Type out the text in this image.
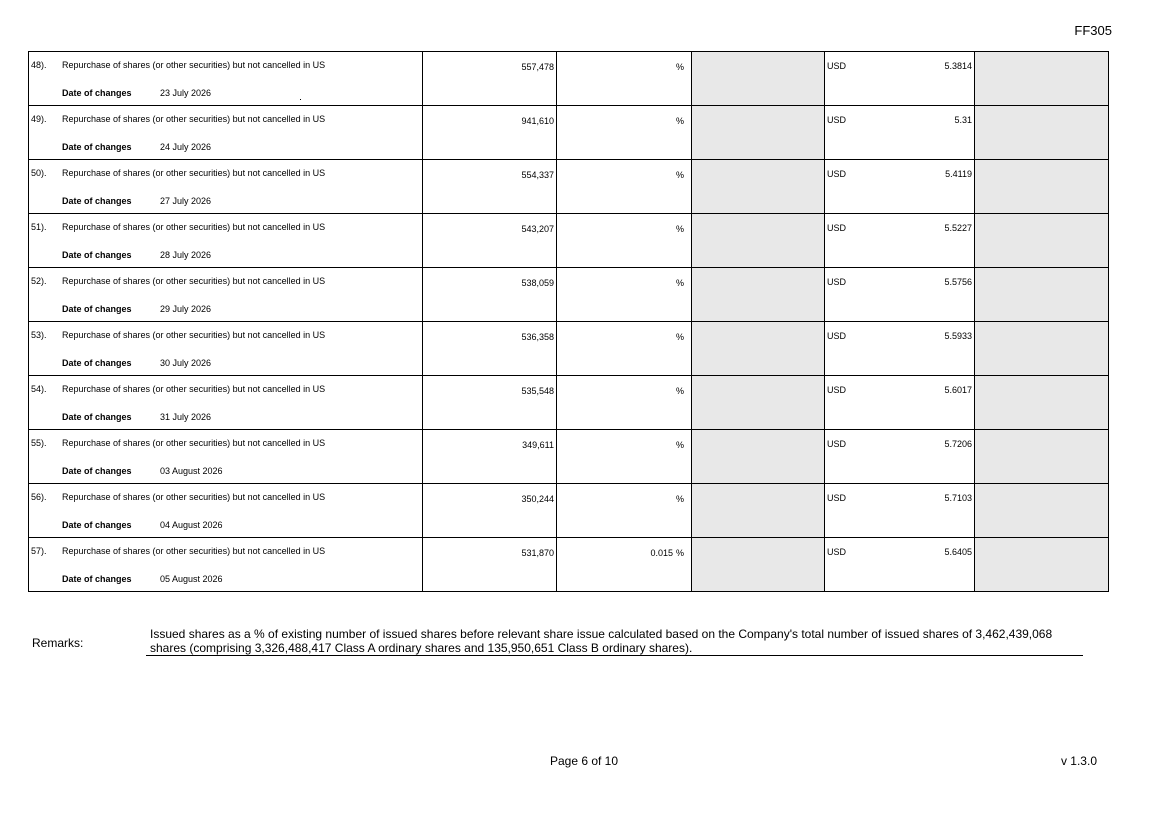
FF305
48). Repurchase of shares (or other securities) but not cancelled in US
Date of changes 23 July 2026	557,478	%		USD 5.3814	

49). Repurchase of shares (or other securities) but not cancelled in US
Date of changes 24 July 2026	941,610	%		USD 5.31	

50). Repurchase of shares (or other securities) but not cancelled in US
Date of changes 27 July 2026	554,337	%		USD 5.4119	

51). Repurchase of shares (or other securities) but not cancelled in US
Date of changes 28 July 2026	543,207	%		USD 5.5227	

52). Repurchase of shares (or other securities) but not cancelled in US
Date of changes 29 July 2026	538,059	%		USD 5.5756	

53). Repurchase of shares (or other securities) but not cancelled in US
Date of changes 30 July 2026	536,358	%		USD 5.5933	

54). Repurchase of shares (or other securities) but not cancelled in US
Date of changes 31 July 2026	535,548	%		USD 5.6017	

55). Repurchase of shares (or other securities) but not cancelled in US
Date of changes 03 August 2026	349,611	%		USD 5.7206	

56). Repurchase of shares (or other securities) but not cancelled in US
Date of changes 04 August 2026	350,244	%		USD 5.7103	

57). Repurchase of shares (or other securities) but not cancelled in US
Date of changes 05 August 2026	531,870	0.015 %		USD 5.6405	

Remarks:
Issued shares as a % of existing number of issued shares before relevant share issue calculated based on the Company's total number of issued shares of 3,462,439,068 shares (comprising 3,326,488,417 Class A ordinary shares and 135,950,651 Class B ordinary shares).
Page 6 of 10	v 1.3.0
